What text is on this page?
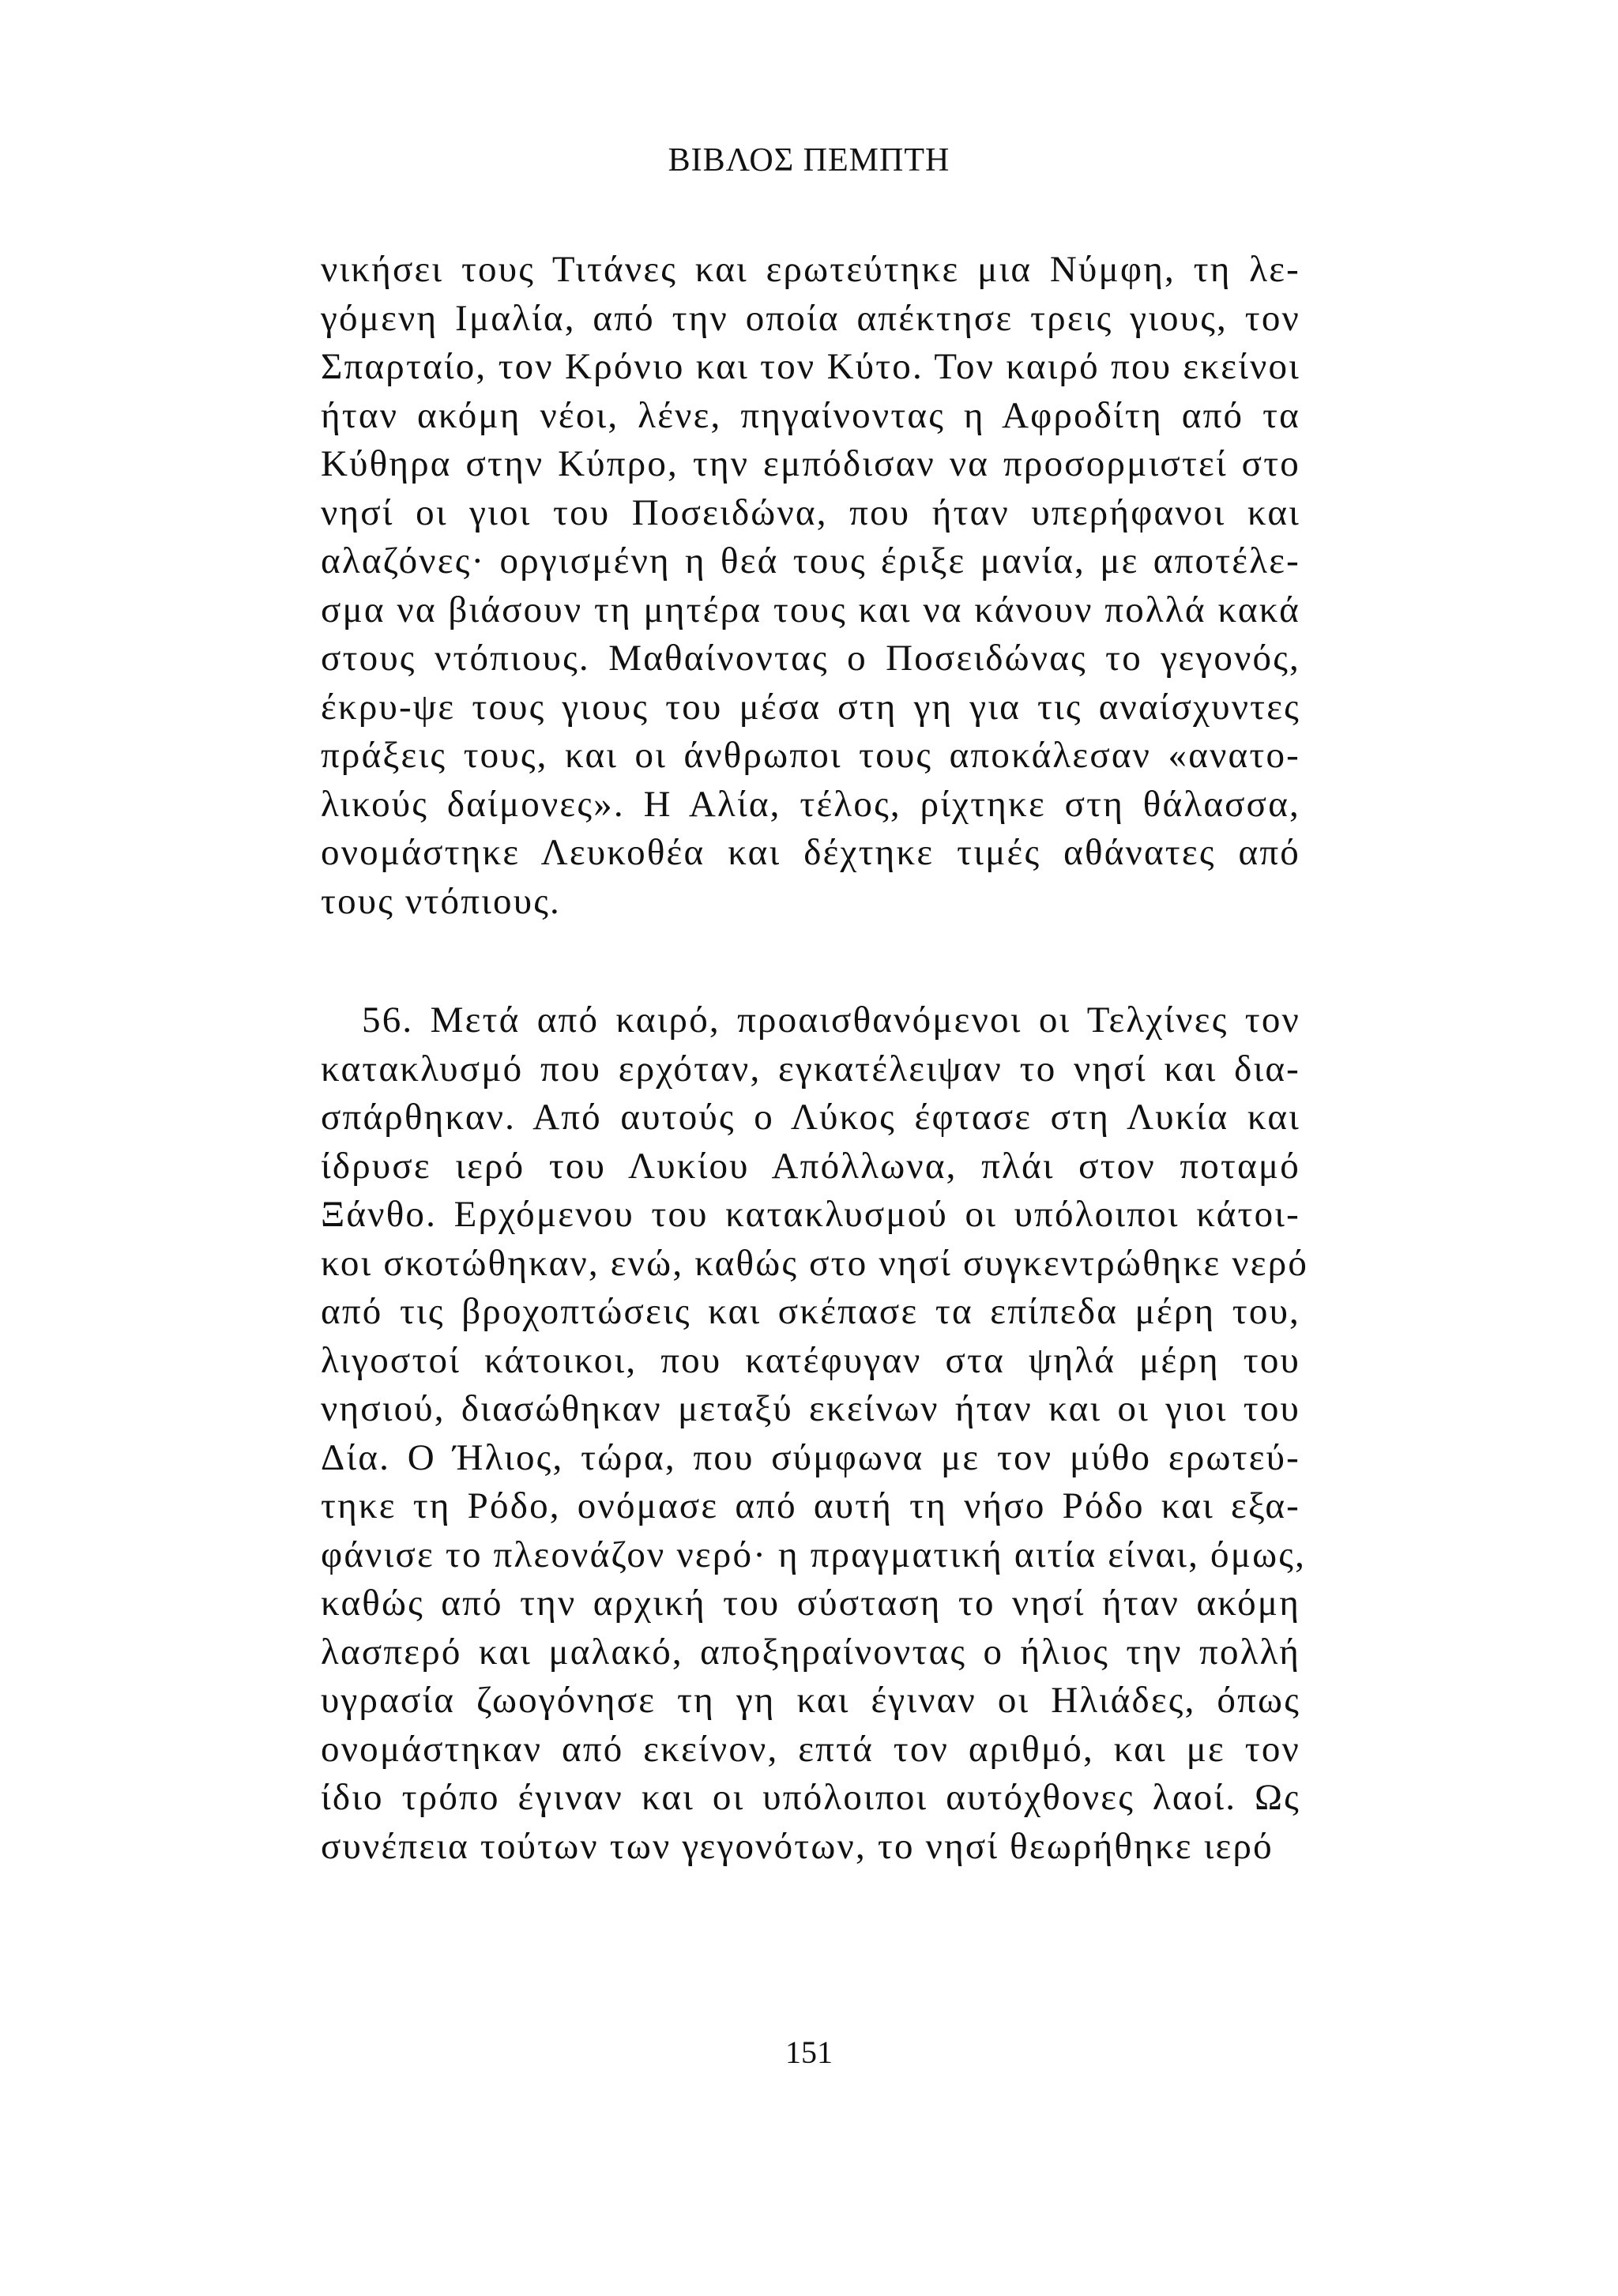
ΒΙΒΛΟΣ ΠΕΜΠΤΗ
νικήσει τους Τιτάνες και ερωτεύτηκε μια Νύμφη, τη λε-
γόμενη Ιμαλία, από την οποία απέκτησε τρεις γιους, τον
Σπαρταίο, τον Κρόνιο και τον Κύτο. Τον καιρό που εκείνοι
ήταν ακόμη νέοι, λένε, πηγαίνοντας η Αφροδίτη από τα
Κύθηρα στην Κύπρο, την εμπόδισαν να προσορμιστεί στο
νησί οι γιοι του Ποσειδώνα, που ήταν υπερήφανοι και
αλαζόνες· οργισμένη η θεά τους έριξε μανία, με αποτέλε-
σμα να βιάσουν τη μητέρα τους και να κάνουν πολλά κακά
στους ντόπιους. Μαθαίνοντας ο Ποσειδώνας το γεγονός,
έκρυ-ψε τους γιους του μέσα στη γη για τις αναίσχυντες
πράξεις τους, και οι άνθρωποι τους αποκάλεσαν «ανατο-
λικούς δαίμονες». Η Αλία, τέλος, ρίχτηκε στη θάλασσα,
ονομάστηκε Λευκοθέα και δέχτηκε τιμές αθάνατες από
τους ντόπιους.
56. Μετά από καιρό, προαισθανόμενοι οι Τελχίνες τον
κατακλυσμό που ερχόταν, εγκατέλειψαν το νησί και δια-
σπάρθηκαν. Από αυτούς ο Λύκος έφτασε στη Λυκία και
ίδρυσε ιερό του Λυκίου Απόλλωνα, πλάι στον ποταμό
Ξάνθο. Ερχόμενου του κατακλυσμού οι υπόλοιποι κάτοι-
κοι σκοτώθηκαν, ενώ, καθώς στο νησί συγκεντρώθηκε νερό
από τις βροχοπτώσεις και σκέπασε τα επίπεδα μέρη του,
λιγοστοί κάτοικοι, που κατέφυγαν στα ψηλά μέρη του
νησιού, διασώθηκαν μεταξύ εκείνων ήταν και οι γιοι του
Δία. Ο Ήλιος, τώρα, που σύμφωνα με τον μύθο ερωτεύ-
τηκε τη Ρόδο, ονόμασε από αυτή τη νήσο Ρόδο και εξα-
φάνισε το πλεονάζον νερό· η πραγματική αιτία είναι, όμως,
καθώς από την αρχική του σύσταση το νησί ήταν ακόμη
λασπερό και μαλακό, αποξηραίνοντας ο ήλιος την πολλή
υγρασία ζωογόνησε τη γη και έγιναν οι Ηλιάδες, όπως
ονομάστηκαν από εκείνον, επτά τον αριθμό, και με τον
ίδιο τρόπο έγιναν και οι υπόλοιποι αυτόχθονες λαοί. Ως
συνέπεια τούτων των γεγονότων, το νησί θεωρήθηκε ιερό
151
